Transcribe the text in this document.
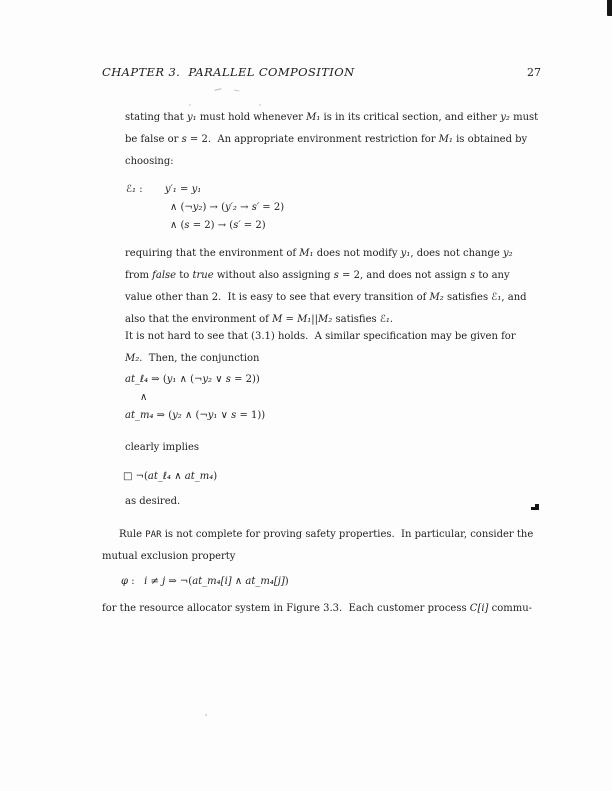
CHAPTER 3.  PARALLEL COMPOSITION	27
stating that y₁ must hold whenever M₁ is in its critical section, and either y₂ must
be false or s = 2.  An appropriate environment restriction for M₁ is obtained by
choosing:
ℰ₁ :       y′₁ = y₁
∧ (¬y₂) → (y′₂ → s′ = 2)
∧ (s = 2) → (s′ = 2)
requiring that the environment of M₁ does not modify y₁, does not change y₂
from false to true without also assigning s = 2, and does not assign s to any
value other than 2.  It is easy to see that every transition of M₂ satisfies ℰ₁, and
also that the environment of M = M₁||M₂ satisfies ℰ₁.
It is not hard to see that (3.1) holds.  A similar specification may be given for
M₂.  Then, the conjunction
at_ℓ₄ ⇒ (y₁ ∧ (¬y₂ ∨ s = 2))
∧
at_m₄ ⇒ (y₂ ∧ (¬y₁ ∨ s = 1))
clearly implies
□ ¬(at_ℓ₄ ∧ at_m₄)
as desired.
Rule PAR is not complete for proving safety properties.  In particular, consider the
mutual exclusion property
φ :   i ≠ j ⇒ ¬(at_m₄[i] ∧ at_m₄[j])
for the resource allocator system in Figure 3.3.  Each customer process C[i] commu-
